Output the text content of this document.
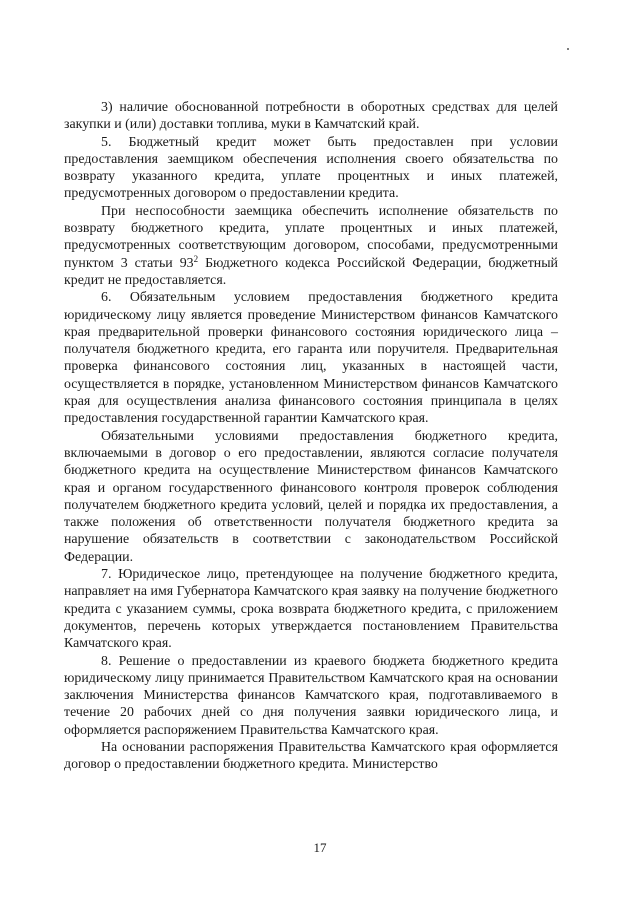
3) наличие обоснованной потребности в оборотных средствах для целей закупки и (или) доставки топлива, муки в Камчатский край.

5. Бюджетный кредит может быть предоставлен при условии предоставления заемщиком обеспечения исполнения своего обязательства по возврату указанного кредита, уплате процентных и иных платежей, предусмотренных договором о предоставлении кредита.

При неспособности заемщика обеспечить исполнение обязательств по возврату бюджетного кредита, уплате процентных и иных платежей, предусмотренных соответствующим договором, способами, предусмотренными пунктом 3 статьи $93^2$ Бюджетного кодекса Российской Федерации, бюджетный кредит не предоставляется.

6. Обязательным условием предоставления бюджетного кредита юридическому лицу является проведение Министерством финансов Камчатского края предварительной проверки финансового состояния юридического лица – получателя бюджетного кредита, его гаранта или поручителя. Предварительная проверка финансового состояния лиц, указанных в настоящей части, осуществляется в порядке, установленном Министерством финансов Камчатского края для осуществления анализа финансового состояния принципала в целях предоставления государственной гарантии Камчатского края.

Обязательными условиями предоставления бюджетного кредита, включаемыми в договор о его предоставлении, являются согласие получателя бюджетного кредита на осуществление Министерством финансов Камчатского края и органом государственного финансового контроля проверок соблюдения получателем бюджетного кредита условий, целей и порядка их предоставления, а также положения об ответственности получателя бюджетного кредита за нарушение обязательств в соответствии с законодательством Российской Федерации.

7. Юридическое лицо, претендующее на получение бюджетного кредита, направляет на имя Губернатора Камчатского края заявку на получение бюджетного кредита с указанием суммы, срока возврата бюджетного кредита, с приложением документов, перечень которых утверждается постановлением Правительства Камчатского края.

8. Решение о предоставлении из краевого бюджета бюджетного кредита юридическому лицу принимается Правительством Камчатского края на основании заключения Министерства финансов Камчатского края, подготавливаемого в течение 20 рабочих дней со дня получения заявки юридического лица, и оформляется распоряжением Правительства Камчатского края.

На основании распоряжения Правительства Камчатского края оформляется договор о предоставлении бюджетного кредита. Министерство

17
